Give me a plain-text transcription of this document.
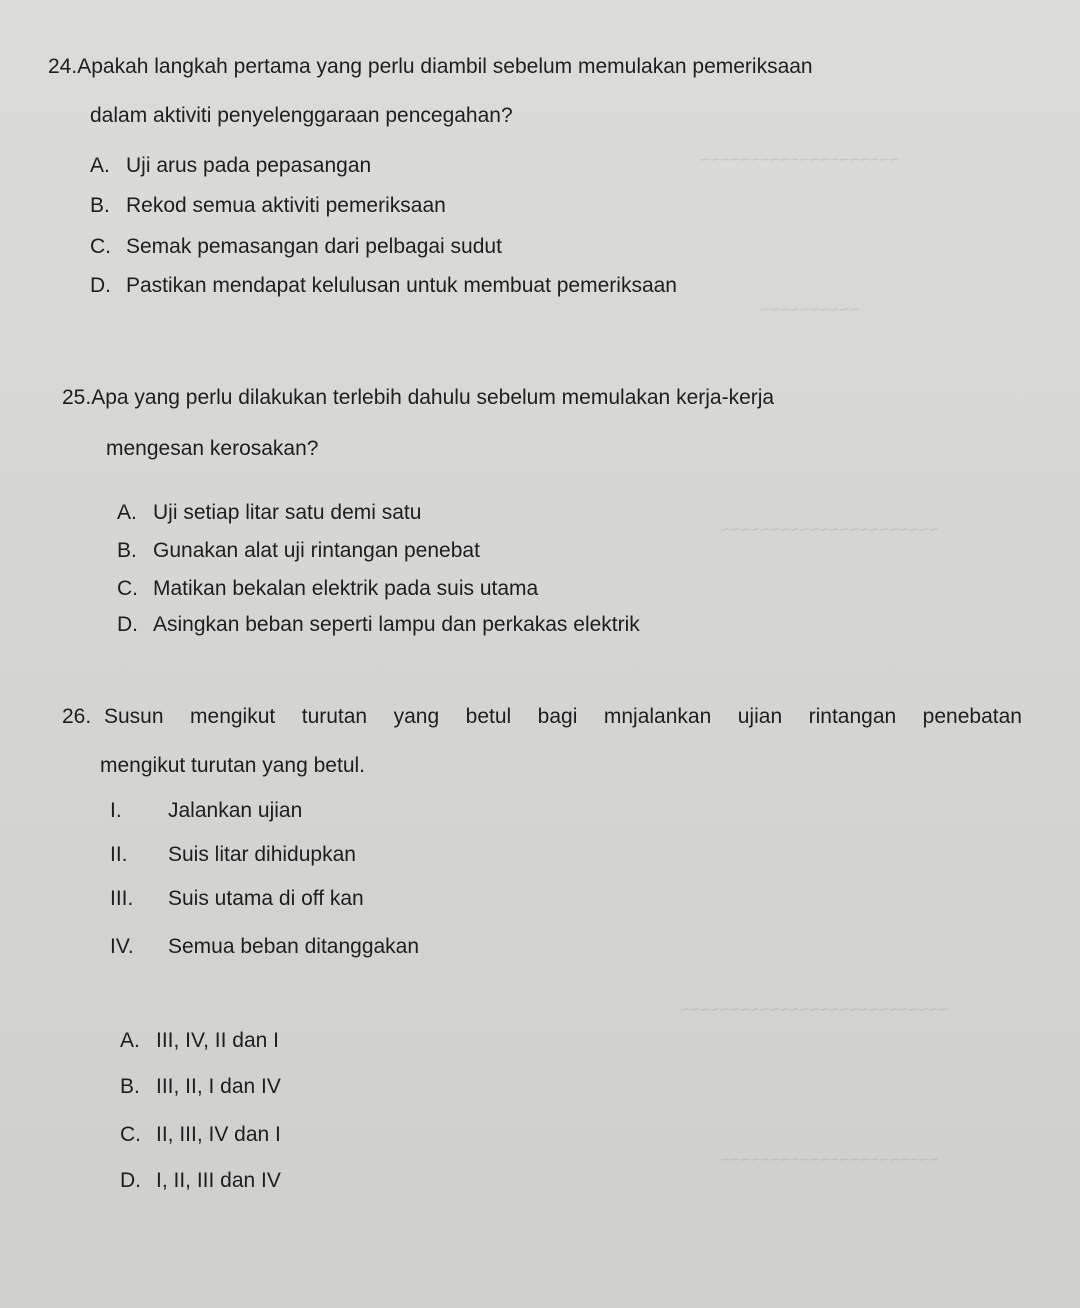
~~~~~~~~~~~~~~~~~~~~
~~~~~~~~~~
~~~~~~~~~~~~~~~~~~~~~~
~~~~~~~~~~~~~~~~~~~~~~~~~~~
~~~~~~~~~~~~~~~~~~~~~~
24.Apakah langkah pertama yang perlu diambil sebelum memulakan pemeriksaan
dalam aktiviti penyelenggaraan pencegahan?
A. Uji arus pada pepasangan
B. Rekod semua aktiviti pemeriksaan
C. Semak pemasangan dari pelbagai sudut
D. Pastikan mendapat kelulusan untuk membuat pemeriksaan
25.Apa yang perlu dilakukan terlebih dahulu sebelum memulakan kerja-kerja
mengesan kerosakan?
A. Uji setiap litar satu demi satu
B. Gunakan alat uji rintangan penebat
C. Matikan bekalan elektrik pada suis utama
D. Asingkan beban seperti lampu dan perkakas elektrik
26. Susun mengikut turutan yang betul bagi mnjalankan ujian rintangan penebatan
mengikut turutan yang betul.
I. Jalankan ujian
II. Suis litar dihidupkan
III. Suis utama di off kan
IV. Semua beban ditanggakan
A. III, IV, II dan I
B. III, II, I dan IV
C. II, III, IV dan I
D. I, II, III dan IV
